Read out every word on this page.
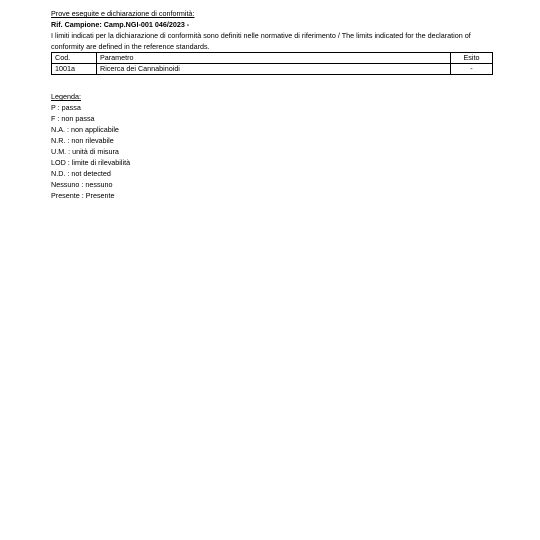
Prove eseguite e dichiarazione di conformità:
Rif. Campione: Camp.NGI-001 046/2023 -
I limiti indicati per la dichiarazione di conformità sono definiti nelle normative di riferimento / The limits indicated for the declaration of conformity are defined in the reference standards.
Cod.	Parametro	Esito
1001a	Ricerca dei Cannabinoidi	-
Legenda:
P : passa
F : non passa
N.A. : non applicabile
N.R. : non rilevabile
U.M. : unità di misura
LOD : limite di rilevabilità
N.D. : not detected
Nessuno : nessuno
Presente : Presente
